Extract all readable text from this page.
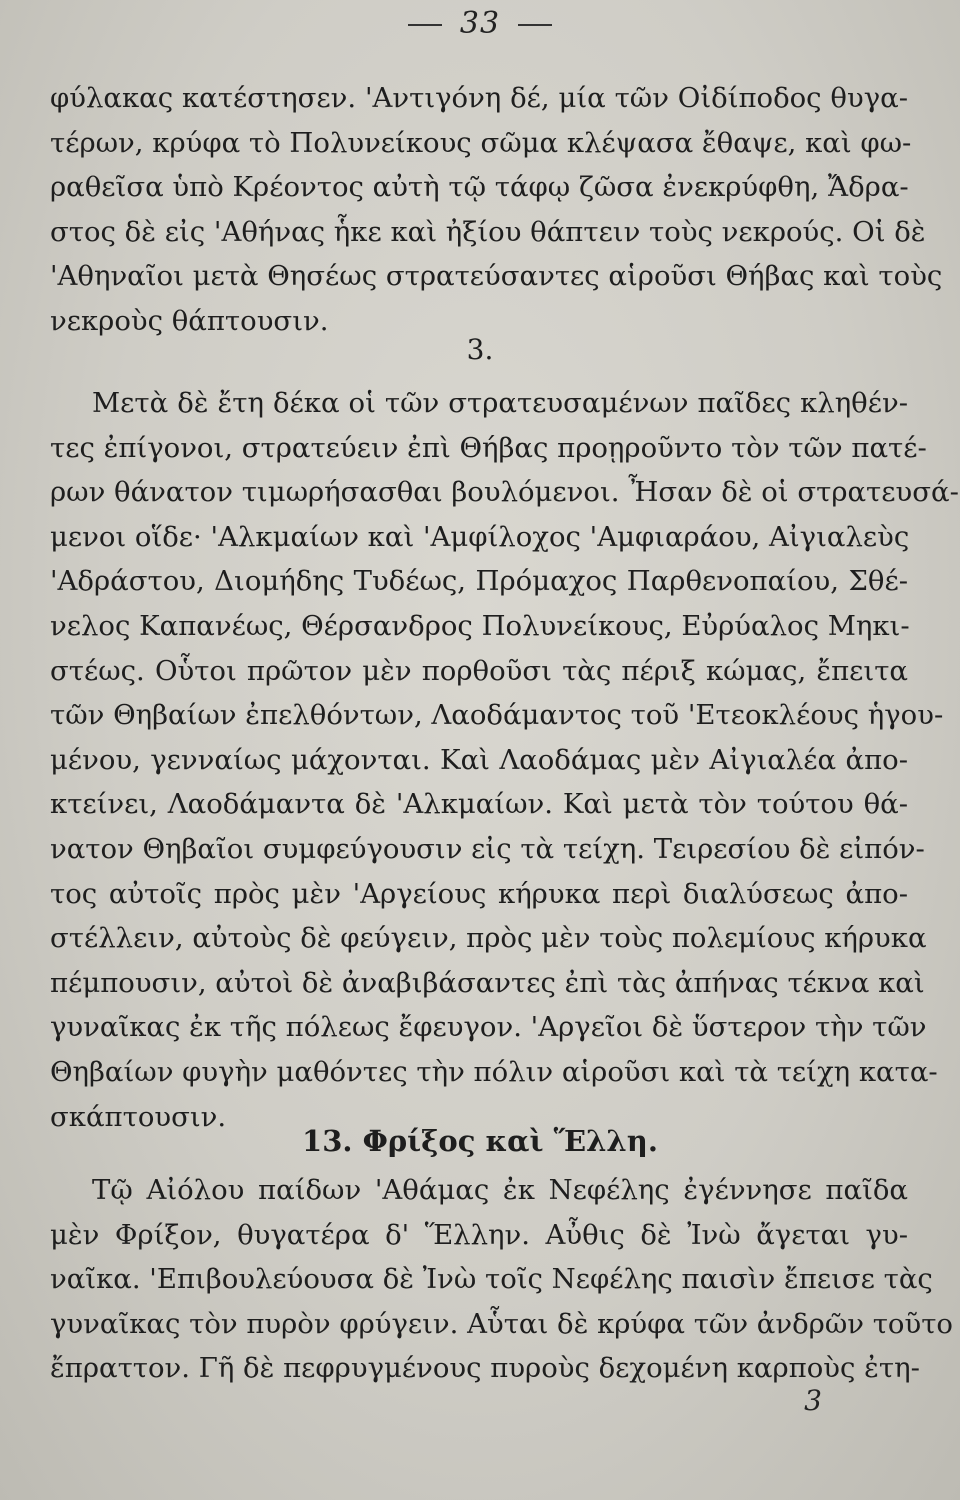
33
φύλακας κατέστησεν. 'Αντιγόνη δέ, μία τῶν Οἰδίποδος θυγα-
τέρων, κρύφα τὸ Πολυνείκους σῶμα κλέψασα ἔθαψε, καὶ φω-
ραθεῖσα ὑπὸ Κρέοντος αὐτὴ τῷ τάφῳ ζῶσα ἐνεκρύφθη, Ἄδρα-
στος δὲ εἰς 'Αθήνας ἧκε καὶ ἠξίου θάπτειν τοὺς νεκρούς. Οἱ δὲ
'Αθηναῖοι μετὰ Θησέως στρατεύσαντες αἱροῦσι Θήβας καὶ τοὺς
νεκροὺς θάπτουσιν.
3.
Μετὰ δὲ ἔτη δέκα οἱ τῶν στρατευσαμένων παῖδες κληθέν-
τες ἐπίγονοι, στρατεύειν ἐπὶ Θήβας προῃροῦντο τὸν τῶν πατέ-
ρων θάνατον τιμωρήσασθαι βουλόμενοι. Ἦσαν δὲ οἱ στρατευσά-
μενοι οἵδε· 'Αλκμαίων καὶ 'Αμφίλοχος 'Αμφιαράου, Αἰγιαλεὺς
'Αδράστου, Διομήδης Τυδέως, Πρόμαχος Παρθενοπαίου, Σθέ-
νελος Καπανέως, Θέρσανδρος Πολυνείκους, Εὐρύαλος Μηκι-
στέως. Οὗτοι πρῶτον μὲν πορθοῦσι τὰς πέριξ κώμας, ἔπειτα
τῶν Θηβαίων ἐπελθόντων, Λαοδάμαντος τοῦ 'Ετεοκλέους ἡγου-
μένου, γενναίως μάχονται. Καὶ Λαοδάμας μὲν Αἰγιαλέα ἀπο-
κτείνει, Λαοδάμαντα δὲ 'Αλκμαίων. Καὶ μετὰ τὸν τούτου θά-
νατον Θηβαῖοι συμφεύγουσιν εἰς τὰ τείχη. Τειρεσίου δὲ εἰπόν-
τος αὐτοῖς πρὸς μὲν 'Αργείους κήρυκα περὶ διαλύσεως ἀπο-
στέλλειν, αὐτοὺς δὲ φεύγειν, πρὸς μὲν τοὺς πολεμίους κήρυκα
πέμπουσιν, αὐτοὶ δὲ ἀναβιβάσαντες ἐπὶ τὰς ἀπήνας τέκνα καὶ
γυναῖκας ἐκ τῆς πόλεως ἔφευγον. 'Αργεῖοι δὲ ὕστερον τὴν τῶν
Θηβαίων φυγὴν μαθόντες τὴν πόλιν αἱροῦσι καὶ τὰ τείχη κατα-
σκάπτουσιν.
13. Φρίξος καὶ Ἕλλη.
Τῷ Αἰόλου παίδων 'Αθάμας ἐκ Νεφέλης ἐγέννησε παῖδα
μὲν Φρίξον, θυγατέρα δ' Ἕλλην. Αὖθις δὲ Ἰνὼ ἄγεται γυ-
ναῖκα. 'Επιβουλεύουσα δὲ Ἰνὼ τοῖς Νεφέλης παισὶν ἔπεισε τὰς
γυναῖκας τὸν πυρὸν φρύγειν. Αὗται δὲ κρύφα τῶν ἀνδρῶν τοῦτο
ἔπραττον. Γῆ δὲ πεφρυγμένους πυροὺς δεχομένη καρποὺς ἐτη-
3
